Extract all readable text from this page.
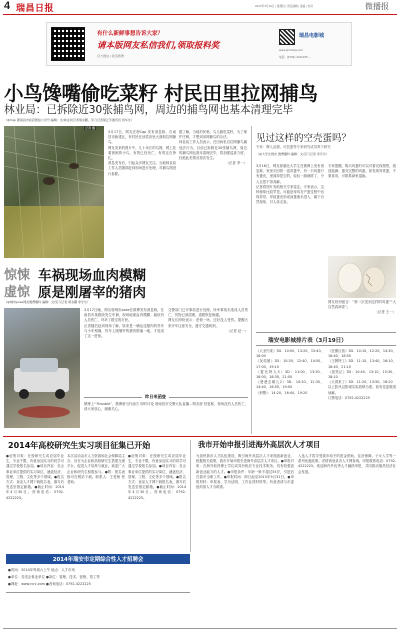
4 瑞昌日报	2015年3月19日 | 星期四 | 责任编辑 | 美编 | 校对	微播报
有什么新鲜事想告诉大家？
请本版网友私信我们,领取报料奖
官方微信 | 新浪微博
瑞昌电影城
www.jxrcdaily.com
电话：(0792) 4222225 ...
小鸟馋嘴偷吃菜籽 村民田里拉网捕鸟
林业局：已拆除近30张捕鸟网，周边的捕鸟网也基本清理完毕
（@Cqp 据南昌市政府微信公众号·编辑：文/林业局记者胡永鹏，见习记者胡正芳通讯员 刘华生）
记者 摄

3月17日，网友在@Cqp 发布消息称，在南昌市新建区，有村民在油菜田里大面积拉网捕鸟，

网友发来的图片中，几十米长的鸟网，网上挂着被困的小鸟，有的已经死亡，有的还在挣扎。

消息发布后，引起众多网友关注。当地林业局工作人员随即赶到现场进行处理，对捕鸟网进行拆除。

据了解，当地村民称，鸟儿偷吃菜籽，为了保护庄稼，才想到用网捕鸟的办法。

林业局工作人员表示，在田间私自拉网捕鸟属违法行为，目前已拆除近30张捕鸟网，周边的捕鸟网也基本清理完毕，将加强巡查力度，杜绝此类情况再次发生。

（记者 李一）

惊悚
虚惊
车祸现场血肉模糊
原是刚屠宰的猪肉
（@城市pose网友微博爆料·编辑：文/见习记者 胡永鹏 李乐乐）

3月17日晚，网友@城市pose在微博发布消息称，在南昌市某路段发生车祸，现场地面血肉模糊，疑似有人员伤亡，吓坏了路过的市民。

记者随后赶到现场了解，原来是一辆运送猪肉的货车与小车相撞，货车上刚屠宰的猪肉散落一地，才造成了这一虚惊。

交警部门已对事故进行处理，所幸事故未造成人员伤亡，货物已被清理，道路恢复畅通。

网友们纷纷表示：虚惊一场，还好没人受伤。提醒大家开车注意安全，遵守交通规则。

（记者 赵一）

昨日来函登
微博上“7trouble”，微博@当代南方 即时评论 @南昌市交警大队直播…网友@ 回复称，现场没有人员伤亡，请大家放心，谢谢关心。
见过这样的空壳蛋吗？
专家：摩人品德，可放蛋等专家研究或饲养下研究
（@大学生网友 微博爆料·编辑：文/见习记者 李乐乐）

3月16日，网友@湖北大学生在微博上发布消息称，家里买回的一盒鸡蛋中，有一只鸡蛋只有蛋壳，里面却是空的，轻轻一敲就碎了，令人百思不得其解。

记者将图片发给相关专家鉴定。专家表示，这种现象比较罕见，可能是母鸡在产蛋过程中出现异常，导致蛋壳形成而蛋液未进入，属于自然现象，对人体无害。

专家提醒，购买鸡蛋时可以对着光线观察，挑选饱满、蛋壳完整的鸡蛋。如发现异常蛋，不要食用，可联系商家退换。

网友纷纷留言：“第一次见到这样的鸡蛋”“大自然真神奇”。

（记者 王一）

瑞安电影城排片表（3月19日）

《大圣归来》3D：10:00、13:20、15:40、18:00

《灰姑娘》3D：10:30、12:40、14:50、17:00、19:10

《霍比特人3》3D：11:00、13:30、16:00、18:30、21:00

《爸爸去哪儿2》3D：10:20、12:30、14:40、16:50、19:00

《刑警》：14:20、16:40、19:20

《狂暴巨兽》3D：10:10、12:20、14:30、16:40、18:50

《王牌特工》3D：11:10、13:40、16:10、18:40、21:10

《捉妖记》3D：10:40、13:10、15:30、18:10

《大湾来了》3D：11:20、13:50、16:20

以上影讯以影城实际放映为准，如有变更敬请谅解。

订票电话：0792-4222225

2014年高校研究生实习项目征集已开始
●征集对象：在校研究生或应届毕业生，专业不限，有意参加实习的同学可通过学校报名参加。●项目内容：各企事业单位提供的实习岗位，涵盖经济、管理、工程、文化等多个领域。●报名方式：登录人才网下载报名表，填写后发送至指定邮箱。●截止时间：2014年4月30日。咨询电话：0792-4222225。
本次活动由市人力资源和社会保障局主办，旨在为企业和高校研究生搭建交流平台，促进人才培养与就业。欢迎广大企业和研究生积极参与。●附：报名表格可在网站下载。联系人：王老师 张老师。
●征集对象：在校研究生或应届毕业生，专业不限，有意参加实习的同学可通过学校报名参加。●项目内容：各企事业单位提供的实习岗位，涵盖经济、管理、工程、文化等多个领域。●报名方式：登录人才网下载报名表，填写后发送至指定邮箱。●截止时间：2014年4月30日。咨询电话：0792-4222225。
我市开始申报引进海外高层次人才项目
为加快我市人才队伍建设，吸引海外高层次人才来瑞创新创业，根据相关政策，我市开始申报引进海外高层次人才项目。●申报对象：在海外取得博士学位或具有相应专业技术职务，具有较强创新创业能力的人才。●申报条件：年龄一般不超过55岁，引进后在我市全职工作。●申报时间：即日起至2015年5月31日。●申报材料：申报表、学历证明、工作业绩材料等。有意者请与市委组织部人才办联系。
入选人才将享受我市给予的资金资助、住房保障、子女入学等一系列优惠政策。详情请登录市人才网查询。申报联系电话：0792-4222225。欢迎海内外优秀人才踊跃申报，共同推动瑞昌经济社会发展。
2014年瑞安市定期综合性人才招聘会
●时间：2014年每周六上午 地点：人才市场
●单位：各类企事业单位 ●岗位：管理、技术、营销、普工等
●网址：www.rcrc.com ●咨询电话：0792-4222225
